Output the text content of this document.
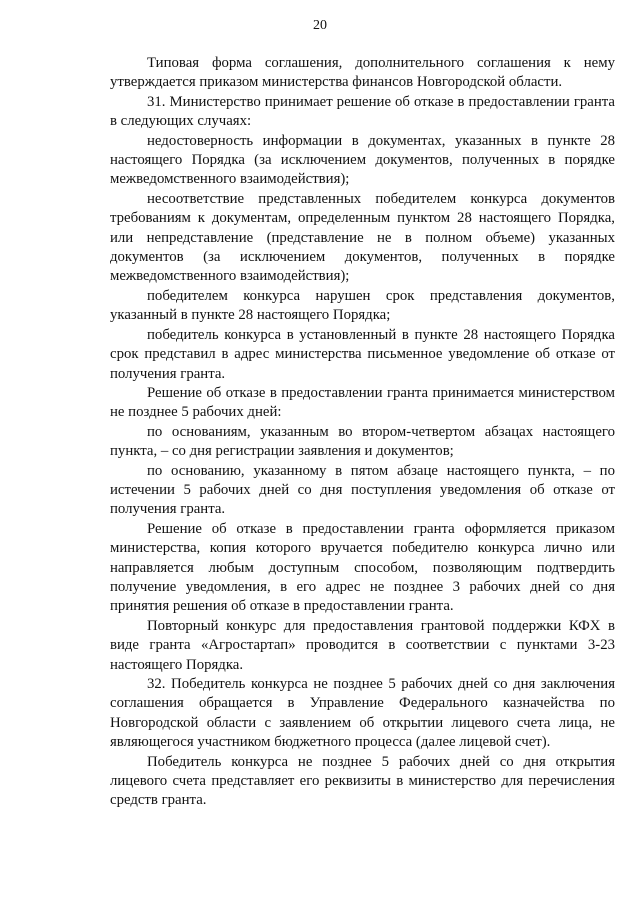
20

Типовая форма соглашения, дополнительного соглашения к нему утверждается приказом министерства финансов Новгородской области.

31. Министерство принимает решение об отказе в предоставлении гранта в следующих случаях:

недостоверность информации в документах, указанных в пункте 28 настоящего Порядка (за исключением документов, полученных в порядке межведомственного взаимодействия);

несоответствие представленных победителем конкурса документов требованиям к документам, определенным пунктом 28 настоящего Порядка, или непредставление (представление не в полном объеме) указанных документов (за исключением документов, полученных в порядке межведомственного взаимодействия);

победителем конкурса нарушен срок представления документов, указанный в пункте 28 настоящего Порядка;

победитель конкурса в установленный в пункте 28 настоящего Порядка срок представил в адрес министерства письменное уведомление об отказе от получения гранта.

Решение об отказе в предоставлении гранта принимается министерством не позднее 5 рабочих дней:

по основаниям, указанным во втором-четвертом абзацах настоящего пункта, – со дня регистрации заявления и документов;

по основанию, указанному в пятом абзаце настоящего пункта, – по истечении 5 рабочих дней со дня поступления уведомления об отказе от получения гранта.

Решение об отказе в предоставлении гранта оформляется приказом министерства, копия которого вручается победителю конкурса лично или направляется любым доступным способом, позволяющим подтвердить получение уведомления, в его адрес не позднее 3 рабочих дней со дня принятия решения об отказе в предоставлении гранта.

Повторный конкурс для предоставления грантовой поддержки КФХ в виде гранта «Агростартап» проводится в соответствии с пунктами 3-23 настоящего Порядка.

32. Победитель конкурса не позднее 5 рабочих дней со дня заключения соглашения обращается в Управление Федерального казначейства по Новгородской области с заявлением об открытии лицевого счета лица, не являющегося участником бюджетного процесса (далее лицевой счет).

Победитель конкурса не позднее 5 рабочих дней со дня открытия лицевого счета представляет его реквизиты в министерство для перечисления средств гранта.
